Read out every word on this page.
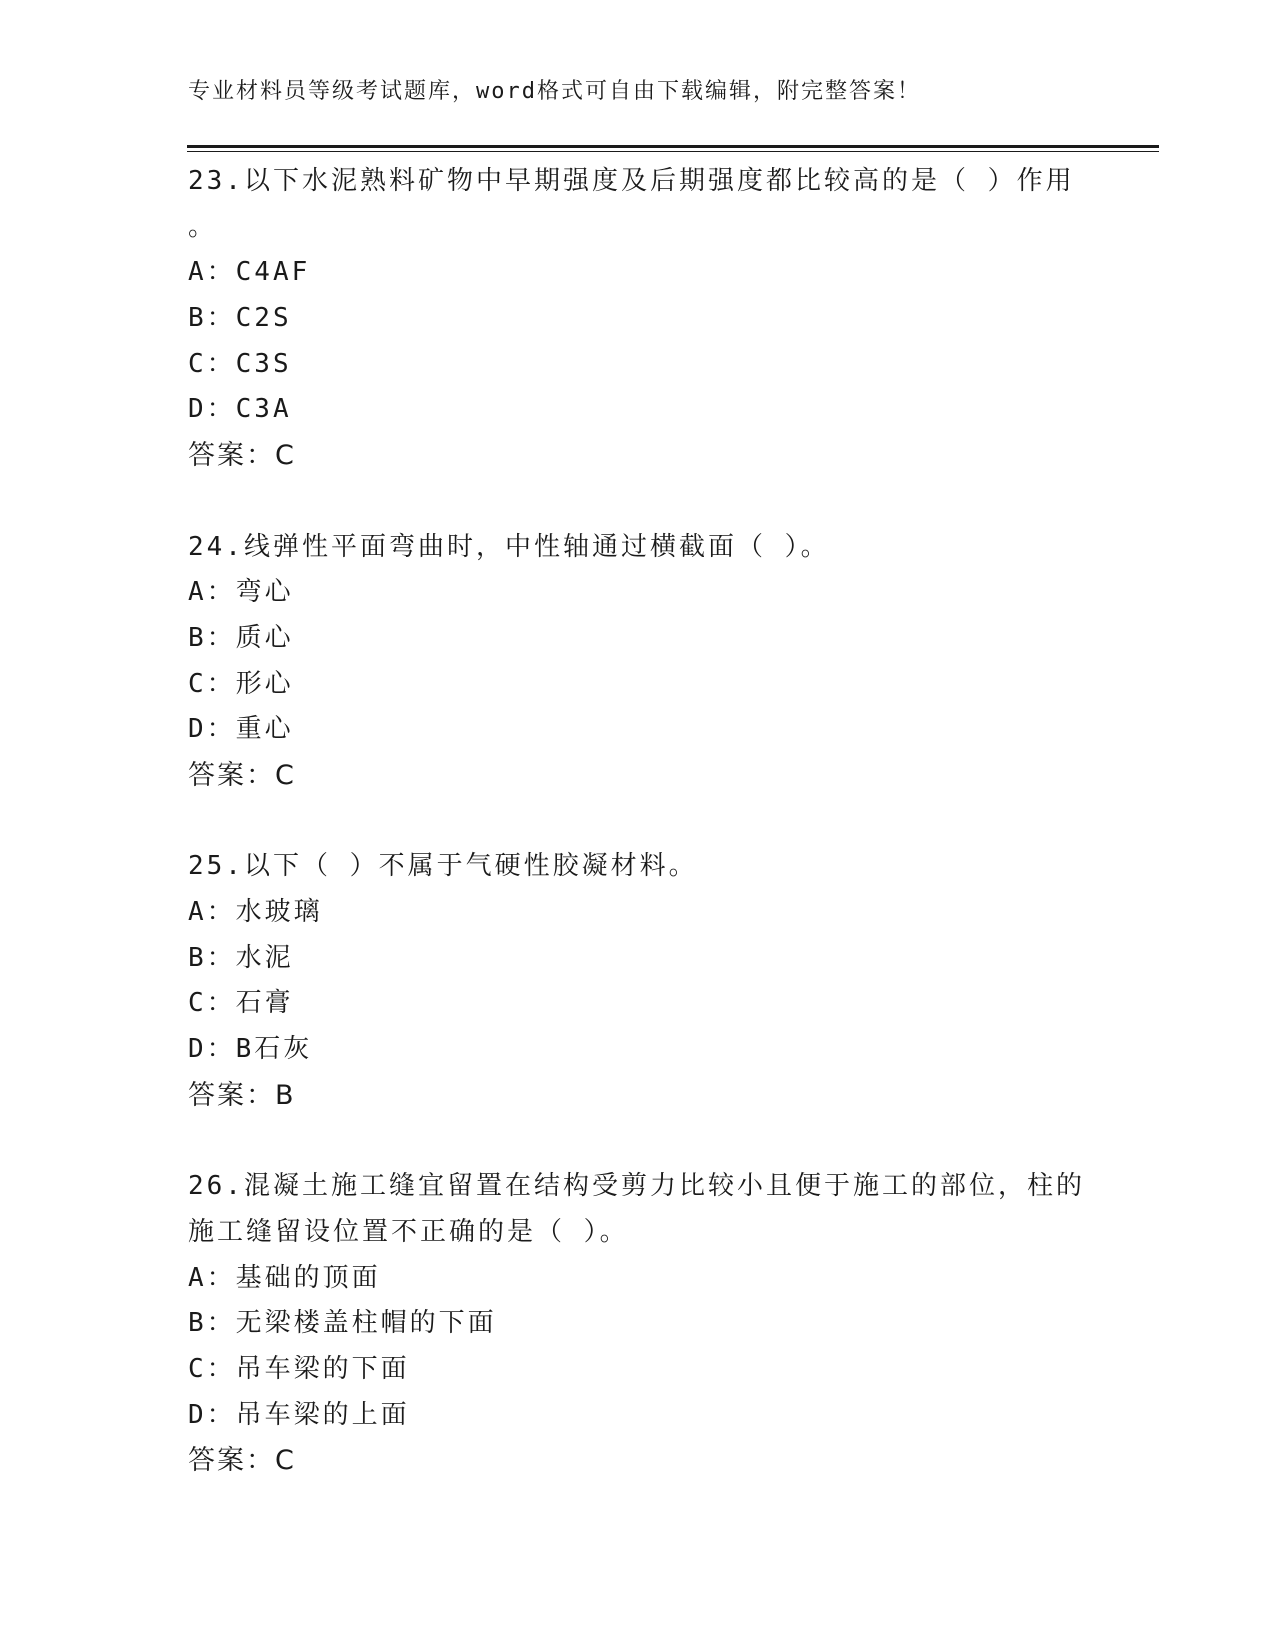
专业材料员等级考试题库，word格式可自由下载编辑，附完整答案！
23.以下水泥熟料矿物中早期强度及后期强度都比较高的是（ ）作用
。
A：C4AF
B：C2S
C：C3S
D：C3A
答案：C
24.线弹性平面弯曲时，中性轴通过横截面（ ）。
A：弯心
B：质心
C：形心
D：重心
答案：C
25.以下（ ）不属于气硬性胶凝材料。
A：水玻璃
B：水泥
C：石膏
D：B石灰
答案：B
26.混凝土施工缝宜留置在结构受剪力比较小且便于施工的部位，柱的
施工缝留设位置不正确的是（ ）。
A：基础的顶面
B：无梁楼盖柱帽的下面
C：吊车梁的下面
D：吊车梁的上面
答案：C
